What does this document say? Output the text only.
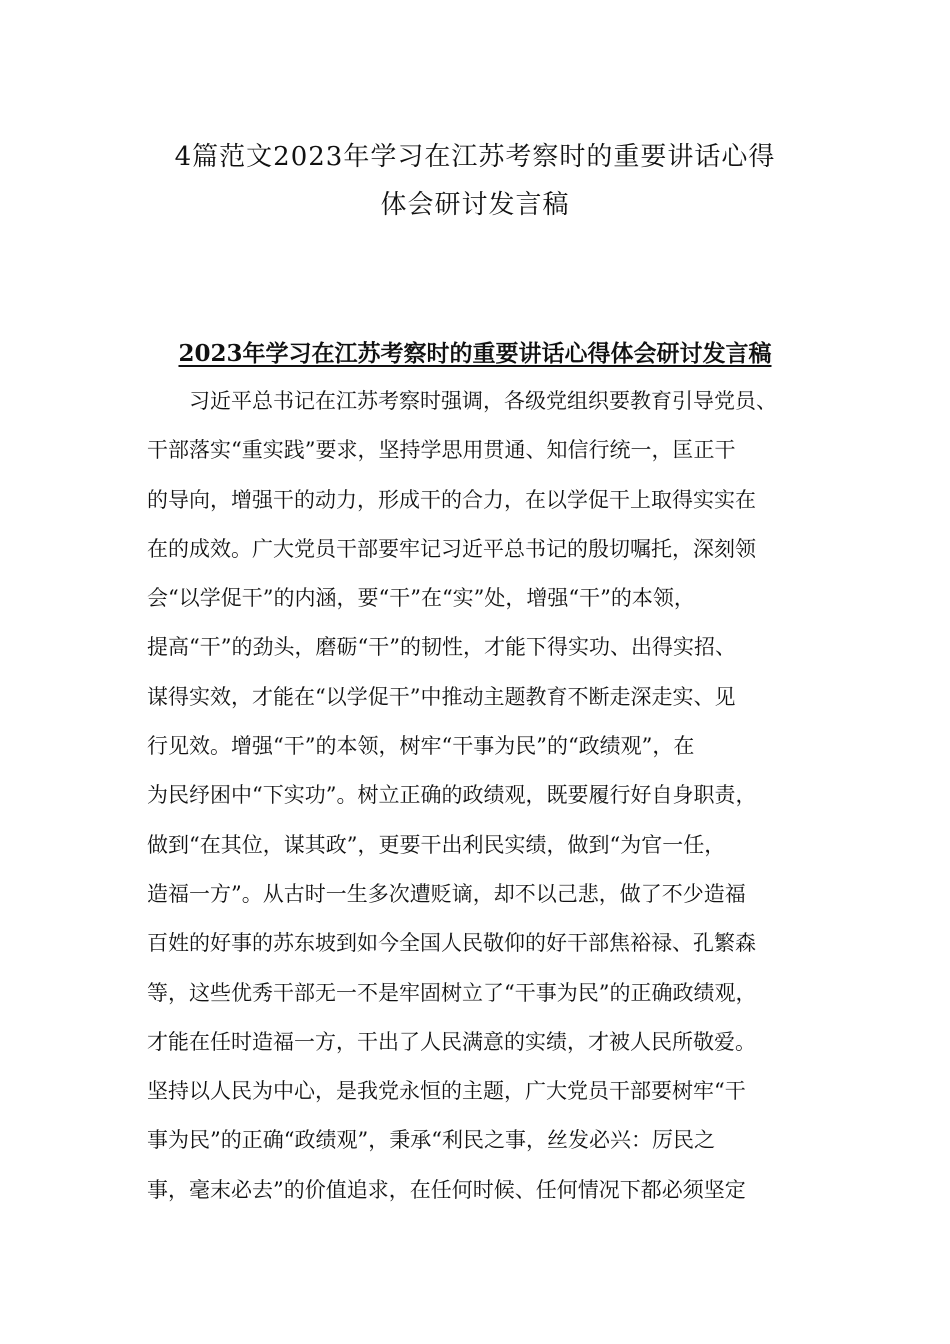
4篇范文2023年学习在江苏考察时的重要讲话心得
体会研讨发言稿
2023年学习在江苏考察时的重要讲话心得体会研讨发言稿
习近平总书记在江苏考察时强调，各级党组织要教育引导党员、
干部落实“重实践”要求，坚持学思用贯通、知信行统一，匡正干
的导向，增强干的动力，形成干的合力，在以学促干上取得实实在
在的成效。广大党员干部要牢记习近平总书记的殷切嘱托，深刻领
会“以学促干”的内涵，要“干”在“实”处，增强“干”的本领，
提高“干”的劲头，磨砺“干”的韧性，才能下得实功、出得实招、
谋得实效，才能在“以学促干”中推动主题教育不断走深走实、见
行见效。增强“干”的本领，树牢“干事为民”的“政绩观”，在
为民纾困中“下实功”。树立正确的政绩观，既要履行好自身职责，
做到“在其位，谋其政”，更要干出利民实绩，做到“为官一任，
造福一方”。从古时一生多次遭贬谪，却不以己悲，做了不少造福
百姓的好事的苏东坡到如今全国人民敬仰的好干部焦裕禄、孔繁森
等，这些优秀干部无一不是牢固树立了“干事为民”的正确政绩观，
才能在任时造福一方，干出了人民满意的实绩，才被人民所敬爱。
坚持以人民为中心，是我党永恒的主题，广大党员干部要树牢“干
事为民”的正确“政绩观”，秉承“利民之事，丝发必兴：厉民之
事，毫末必去”的价值追求，在任何时候、任何情况下都必须坚定
